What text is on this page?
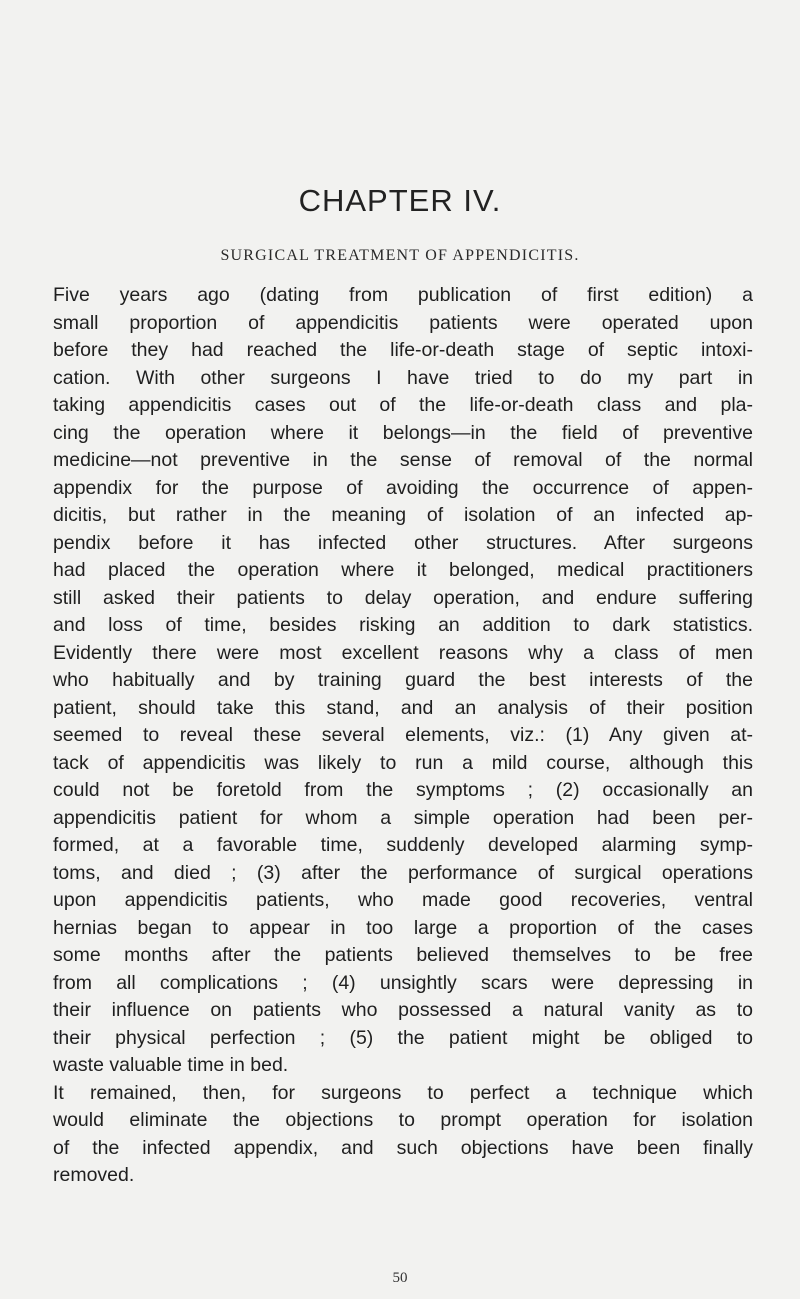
CHAPTER IV.
SURGICAL TREATMENT OF APPENDICITIS.
Five years ago (dating from publication of first edition) a
small proportion of appendicitis patients were operated upon
before they had reached the life-or-death stage of septic intoxi-
cation. With other surgeons I have tried to do my part in
taking appendicitis cases out of the life-or-death class and pla-
cing the operation where it belongs—in the field of preventive
medicine—not preventive in the sense of removal of the normal
appendix for the purpose of avoiding the occurrence of appen-
dicitis, but rather in the meaning of isolation of an infected ap-
pendix before it has infected other structures. After surgeons
had placed the operation where it belonged, medical practitioners
still asked their patients to delay operation, and endure suffering
and loss of time, besides risking an addition to dark statistics.
Evidently there were most excellent reasons why a class of men
who habitually and by training guard the best interests of the
patient, should take this stand, and an analysis of their position
seemed to reveal these several elements, viz.: (1) Any given at-
tack of appendicitis was likely to run a mild course, although this
could not be foretold from the symptoms ; (2) occasionally an
appendicitis patient for whom a simple operation had been per-
formed, at a favorable time, suddenly developed alarming symp-
toms, and died ; (3) after the performance of surgical operations
upon appendicitis patients, who made good recoveries, ventral
hernias began to appear in too large a proportion of the cases
some months after the patients believed themselves to be free
from all complications ; (4) unsightly scars were depressing in
their influence on patients who possessed a natural vanity as to
their physical perfection ; (5) the patient might be obliged to
waste valuable time in bed.
It remained, then, for surgeons to perfect a technique which
would eliminate the objections to prompt operation for isolation
of the infected appendix, and such objections have been finally
removed.
50
